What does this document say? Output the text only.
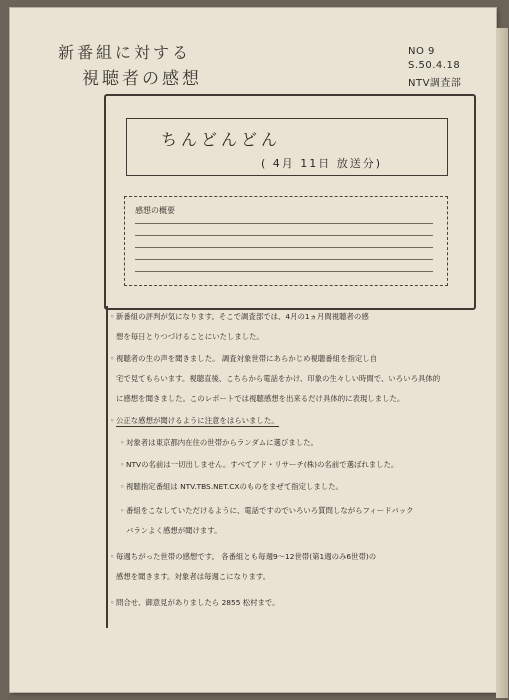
新番組に対する
視聴者の感想
NO 9
S.50.4.18
NTV調査部
ちんどんどん
( 4月 11日 放送分)
感想の概要
◦ 新番組の評判が気になります。そこで調査部では、4月の1ヵ月間視聴者の感
想を毎日とりつづけることにいたしました。
◦ 視聴者の生の声を聞きました。 調査対象世帯にあらかじめ視聴番組を指定し自
宅で見てもらいます。視聴直後、こちらから電話をかけ、印象の生々しい時間で、いろいろ具体的
に感想を聞きました。このレポートでは視聴感想を出来るだけ具体的に表現しました。
◦ 公正な感想が聞けるように注意をはらいました。
◦ 対象者は東京都内在住の世帯からランダムに選びました。
◦ NTVの名前は一切出しません。すべてアド・リサーチ(株)の名前で選ばれました。
◦ 視聴指定番組は NTV.TBS.NET.CXのものをまぜて指定しました。
◦ 番組をこなしていただけるように、電話ですのでいろいろ質問しながらフィードバック
バランよく感想が聞けます。
◦ 毎週ちがった世帯の感想です。 各番組とも毎週9～12世帯(第1週のみ6世帯)の
感想を聞きます。対象者は毎週こになります。
◦ 問合せ、御意見がありましたら 2855 松村まで。
